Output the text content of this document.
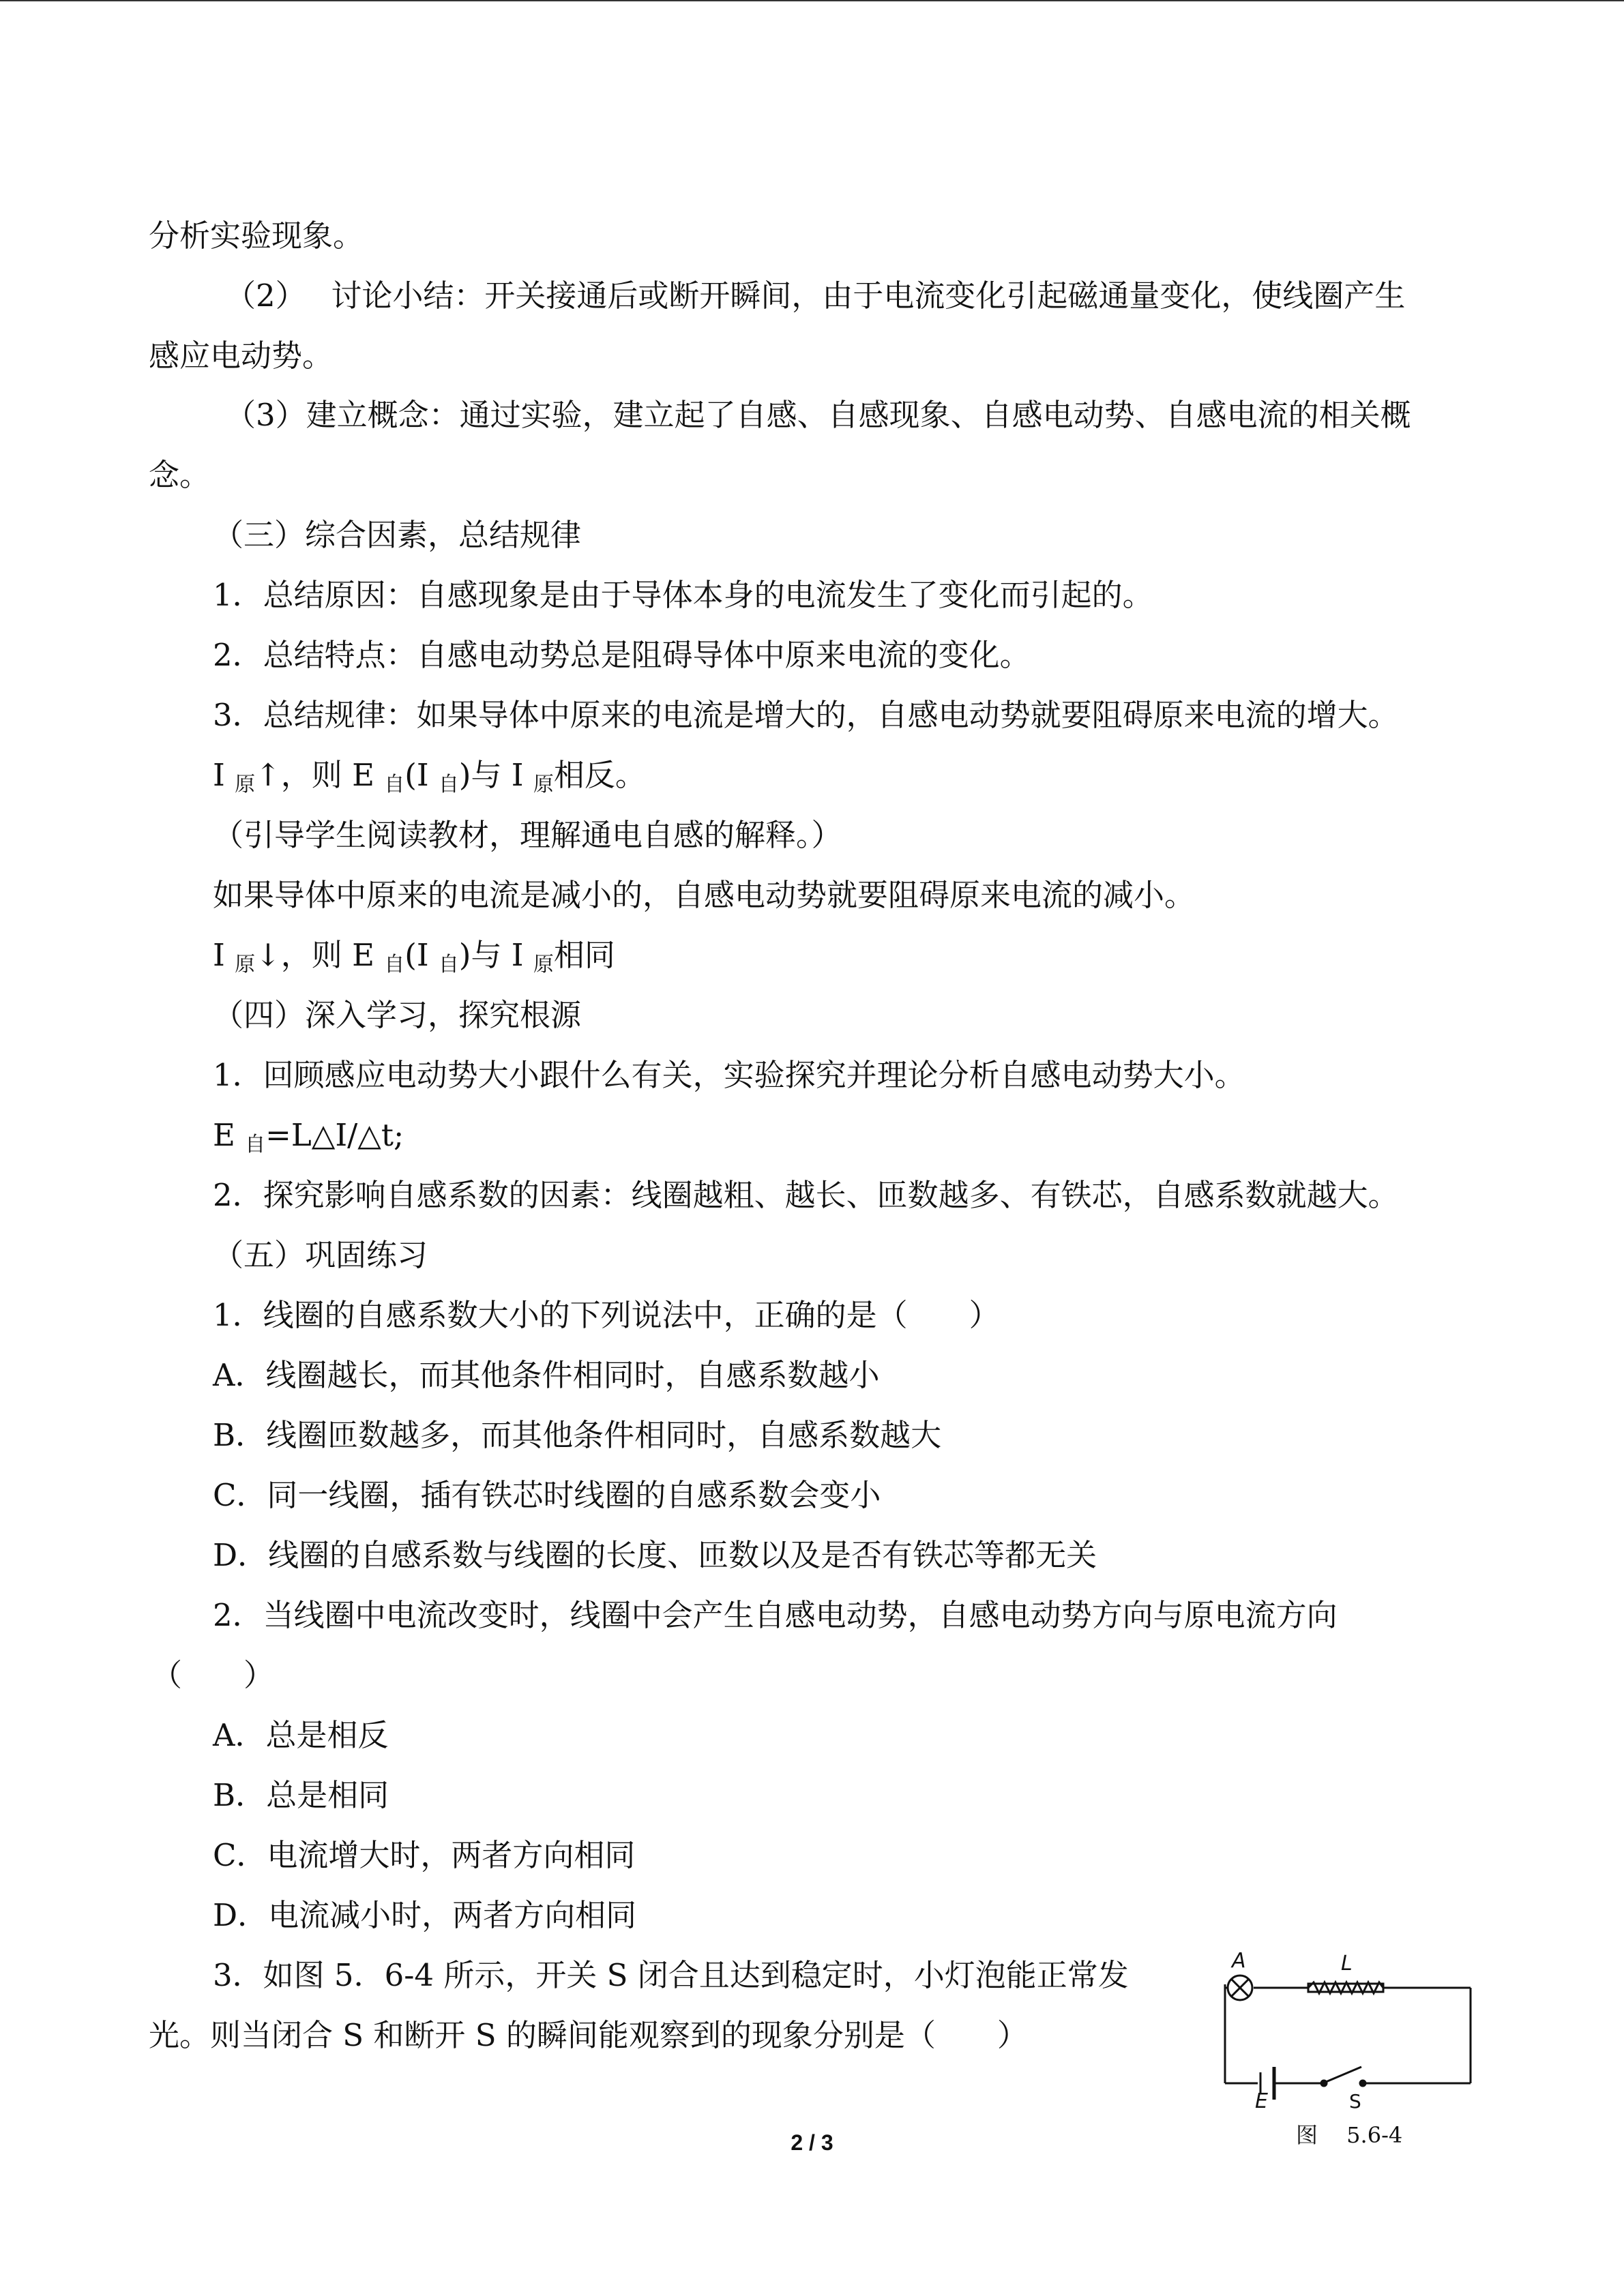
分析实验现象。
（2）　 讨论小结：开关接通后或断开瞬间，由于电流变化引起磁通量变化，使线圈产生
感应电动势。
（3）建立概念：通过实验，建立起了自感、自感现象、自感电动势、自感电流的相关概
念。
（三）综合因素，总结规律
1．总结原因：自感现象是由于导体本身的电流发生了变化而引起的。
2．总结特点：自感电动势总是阻碍导体中原来电流的变化。
3．总结规律：如果导体中原来的电流是增大的，自感电动势就要阻碍原来电流的增大。
I 原↑，则 E 自(I 自)与 I 原相反。
（引导学生阅读教材，理解通电自感的解释。）
如果导体中原来的电流是减小的，自感电动势就要阻碍原来电流的减小。
I 原↓，则 E 自(I 自)与 I 原相同
（四）深入学习，探究根源
1．回顾感应电动势大小跟什么有关，实验探究并理论分析自感电动势大小。
E 自=L△I/△t;
2．探究影响自感系数的因素：线圈越粗、越长、匝数越多、有铁芯，自感系数就越大。
（五）巩固练习
1．线圈的自感系数大小的下列说法中，正确的是（　　）
A．线圈越长，而其他条件相同时，自感系数越小
B．线圈匝数越多，而其他条件相同时，自感系数越大
C．同一线圈，插有铁芯时线圈的自感系数会变小
D．线圈的自感系数与线圈的长度、匝数以及是否有铁芯等都无关
2．当线圈中电流改变时，线圈中会产生自感电动势，自感电动势方向与原电流方向
（　　）
A．总是相反
B．总是相同
C．电流增大时，两者方向相同
D．电流减小时，两者方向相同
3．如图 5．6-4 所示，开关 S 闭合且达到稳定时，小灯泡能正常发
光。则当闭合 S 和断开 S 的瞬间能观察到的现象分别是（　　）
A	L
E	S
图　 5.6-4
2 / 3
